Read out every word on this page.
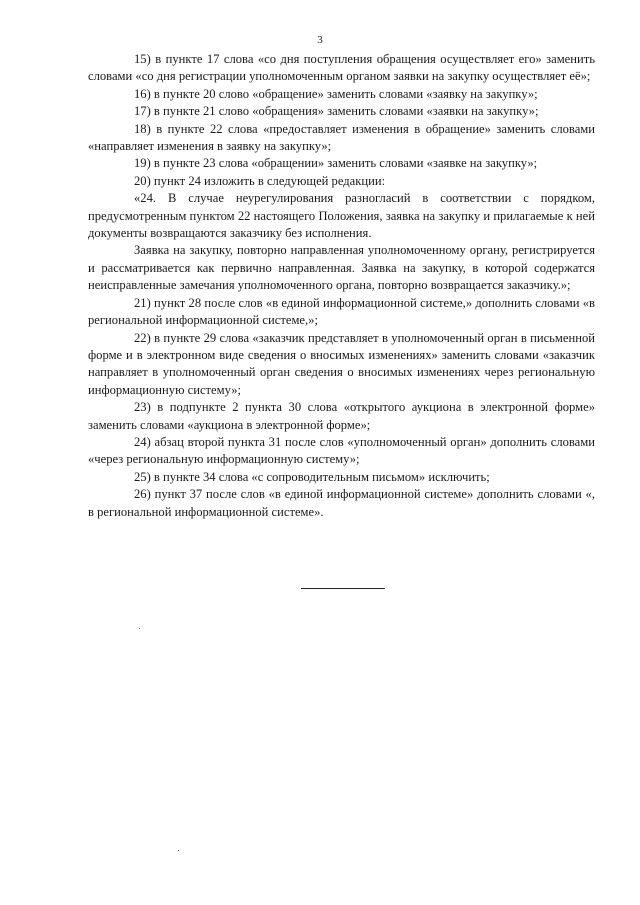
3

15) в пункте 17 слова «со дня поступления обращения осуществляет его» заменить словами «со дня регистрации уполномоченным органом заявки на закупку осуществляет её»;

16) в пункте 20 слово «обращение» заменить словами «заявку на закупку»;

17) в пункте 21 слово «обращения» заменить словами «заявки на закупку»;

18) в пункте 22 слова «предоставляет изменения в обращение» заменить словами «направляет изменения в заявку на закупку»;

19) в пункте 23 слова «обращении» заменить словами «заявке на закупку»;

20) пункт 24 изложить в следующей редакции:

«24. В случае неурегулирования разногласий в соответствии с порядком, предусмотренным пунктом 22 настоящего Положения, заявка на закупку и прилагаемые к ней документы возвращаются заказчику без исполнения.

Заявка на закупку, повторно направленная уполномоченному органу, регистрируется и рассматривается как первично направленная. Заявка на закупку, в которой содержатся неисправленные замечания уполномоченного органа, повторно возвращается заказчику.»;

21) пункт 28 после слов «в единой информационной системе,» дополнить словами «в региональной информационной системе,»;

22) в пункте 29 слова «заказчик представляет в уполномоченный орган в письменной форме и в электронном виде сведения о вносимых изменениях» заменить словами «заказчик направляет в уполномоченный орган сведения о вносимых изменениях через региональную информационную систему»;

23) в подпункте 2 пункта 30 слова «открытого аукциона в электронной форме» заменить словами «аукциона в электронной форме»;

24) абзац второй пункта 31 после слов «уполномоченный орган» дополнить словами «через региональную информационную систему»;

25) в пункте 34 слова «с сопроводительным письмом» исключить;

26) пункт 37 после слов «в единой информационной системе» дополнить словами «, в региональной информационной системе».
